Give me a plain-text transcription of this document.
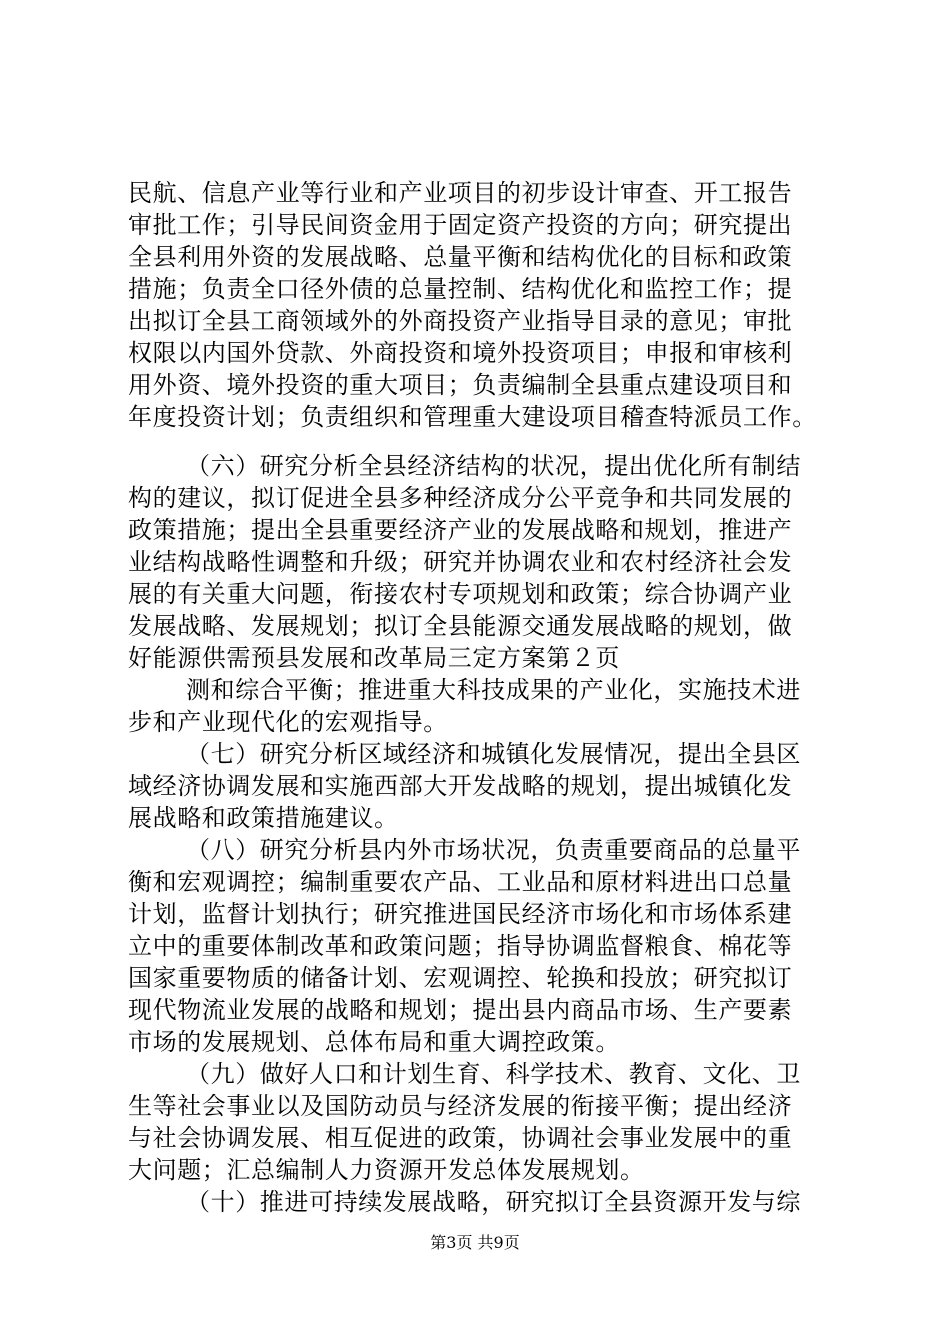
民航、信息产业等行业和产业项目的初步设计审查、开工报告
审批工作；引导民间资金用于固定资产投资的方向；研究提出
全县利用外资的发展战略、总量平衡和结构优化的目标和政策
措施；负责全口径外债的总量控制、结构优化和监控工作；提
出拟订全县工商领域外的外商投资产业指导目录的意见；审批
权限以内国外贷款、外商投资和境外投资项目；申报和审核利
用外资、境外投资的重大项目；负责编制全县重点建设项目和
年度投资计划；负责组织和管理重大建设项目稽查特派员工作。
（六）研究分析全县经济结构的状况，提出优化所有制结
构的建议，拟订促进全县多种经济成分公平竞争和共同发展的
政策措施；提出全县重要经济产业的发展战略和规划，推进产
业结构战略性调整和升级；研究并协调农业和农村经济社会发
展的有关重大问题，衔接农村专项规划和政策；综合协调产业
发展战略、发展规划；拟订全县能源交通发展战略的规划，做
好能源供需预县发展和改革局三定方案第２页
测和综合平衡；推进重大科技成果的产业化，实施技术进
步和产业现代化的宏观指导。
（七）研究分析区域经济和城镇化发展情况，提出全县区
域经济协调发展和实施西部大开发战略的规划，提出城镇化发
展战略和政策措施建议。
（八）研究分析县内外市场状况，负责重要商品的总量平
衡和宏观调控；编制重要农产品、工业品和原材料进出口总量
计划，监督计划执行；研究推进国民经济市场化和市场体系建
立中的重要体制改革和政策问题；指导协调监督粮食、棉花等
国家重要物质的储备计划、宏观调控、轮换和投放；研究拟订
现代物流业发展的战略和规划；提出县内商品市场、生产要素
市场的发展规划、总体布局和重大调控政策。
（九）做好人口和计划生育、科学技术、教育、文化、卫
生等社会事业以及国防动员与经济发展的衔接平衡；提出经济
与社会协调发展、相互促进的政策，协调社会事业发展中的重
大问题；汇总编制人力资源开发总体发展规划。
（十）推进可持续发展战略，研究拟订全县资源开发与综
第3页 共9页
